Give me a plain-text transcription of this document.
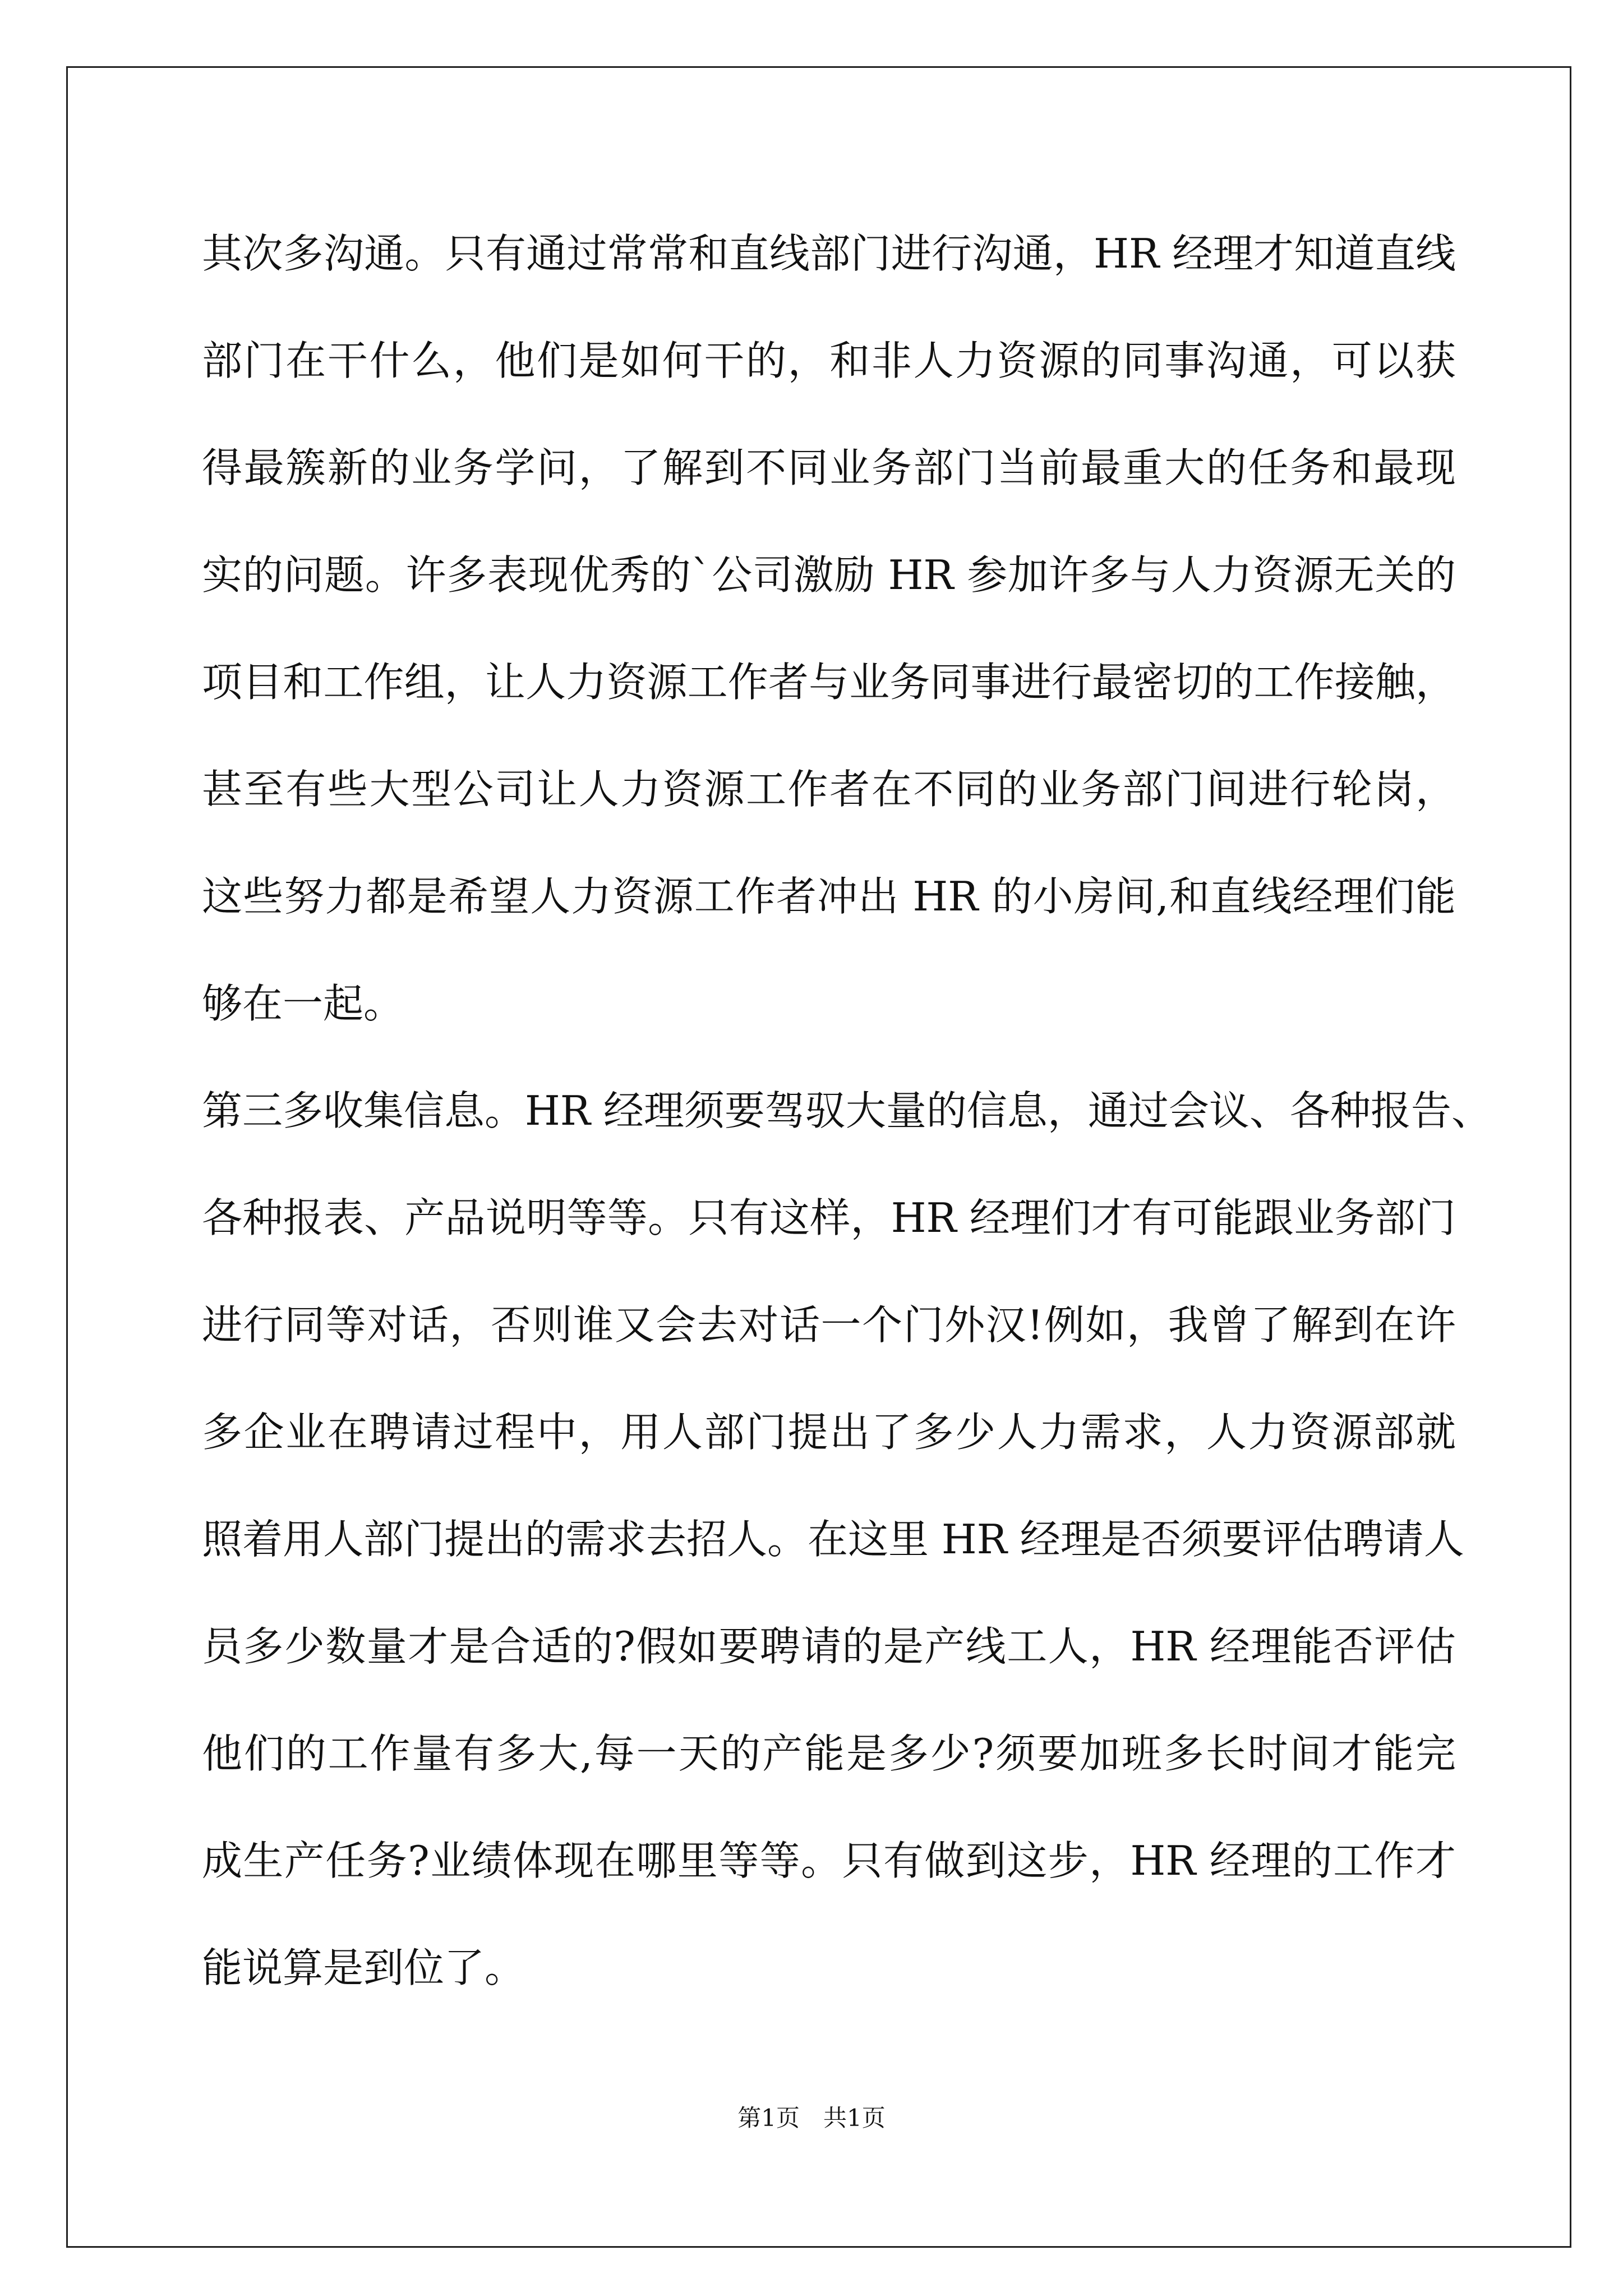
其次多沟通。只有通过常常和直线部门进行沟通，HR 经理才知道直线
部门在干什么，他们是如何干的，和非人力资源的同事沟通，可以获
得最簇新的业务学问，了解到不同业务部门当前最重大的任务和最现
实的问题。许多表现优秀的`公司激励 HR 参加许多与人力资源无关的
项目和工作组，让人力资源工作者与业务同事进行最密切的工作接触，
甚至有些大型公司让人力资源工作者在不同的业务部门间进行轮岗，
这些努力都是希望人力资源工作者冲出 HR 的小房间,和直线经理们能
够在一起。
第三多收集信息。HR 经理须要驾驭大量的信息，通过会议、各种报告、
各种报表、产品说明等等。只有这样，HR 经理们才有可能跟业务部门
进行同等对话，否则谁又会去对话一个门外汉!例如，我曾了解到在许
多企业在聘请过程中，用人部门提出了多少人力需求，人力资源部就
照着用人部门提出的需求去招人。在这里 HR 经理是否须要评估聘请人
员多少数量才是合适的?假如要聘请的是产线工人，HR 经理能否评估
他们的工作量有多大,每一天的产能是多少?须要加班多长时间才能完
成生产任务?业绩体现在哪里等等。只有做到这步，HR 经理的工作才
能说算是到位了。
第1页　共1页
